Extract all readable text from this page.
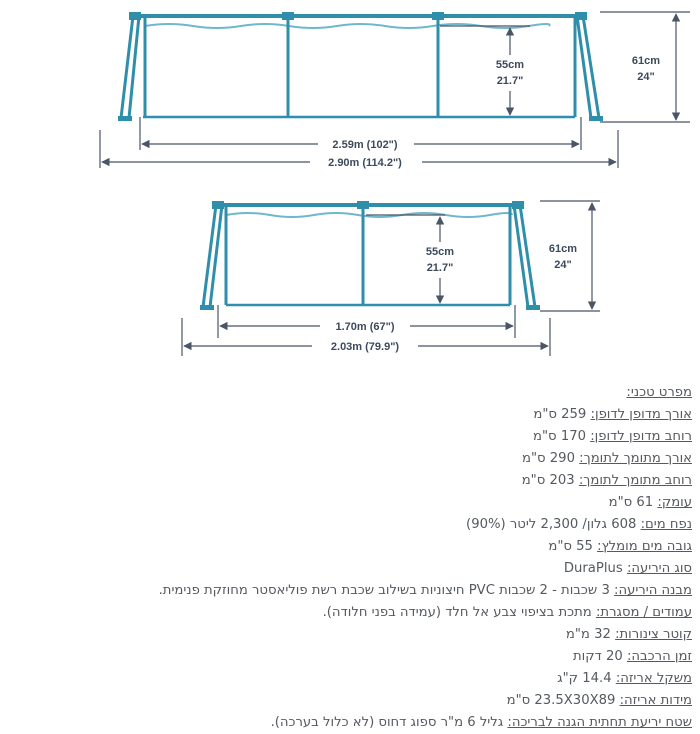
55cm
21.7"
61cm
24"
2.59m (102")
2.90m (114.2")
55cm
21.7"
61cm
24"
1.70m (67")
2.03m (79.9")
מפרט טכני:
אורך מדופן לדופן: 259 ס"מ
רוחב מדופן לדופן: 170 ס"מ
אורך מתומך לתומך: 290 ס"מ
רוחב מתומך לתומך: 203 ס"מ
עומק: 61 ס"מ
נפח מים: 608 גלון/ 2,300 ליטר (90%)
גובה מים מומלץ: 55 ס"מ
סוג היריעה: DuraPlus
מבנה היריעה: 3 שכבות - 2 שכבות PVC חיצוניות בשילוב שכבת רשת פוליאסטר מחוזקת פנימית.
עמודים / מסגרת: מתכת בציפוי צבע אל חלד (עמידה בפני חלודה).
קוטר צינורות: 32 מ"מ
זמן הרכבה: 20 דקות
משקל אריזה: 14.4 ק"ג
מידות אריזה: 23.5X30X89 ס"מ
שטח יריעת תחתית הגנה לבריכה: גליל 6 מ"ר ספוג דחוס (לא כלול בערכה).
